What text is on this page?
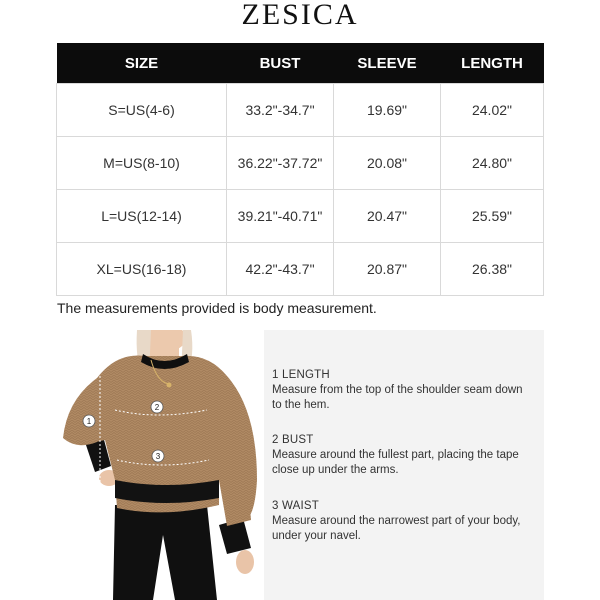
ZESICA
SIZE	BUST	SLEEVE	LENGTH
S=US(4-6)	33.2"-34.7"	19.69"	24.02"
M=US(8-10)	36.22"-37.72"	20.08"	24.80"
L=US(12-14)	39.21"-40.71"	20.47"	25.59"
XL=US(16-18)	42.2"-43.7"	20.87"	26.38"
The measurements provided is body measurement.
1
2
3
1 LENGTH
Measure from the top of the shoulder seam down to the hem.
2 BUST
Measure around the fullest part, placing the tape close up under the arms.
3 WAIST
Measure around the narrowest part of your body, under your navel.
